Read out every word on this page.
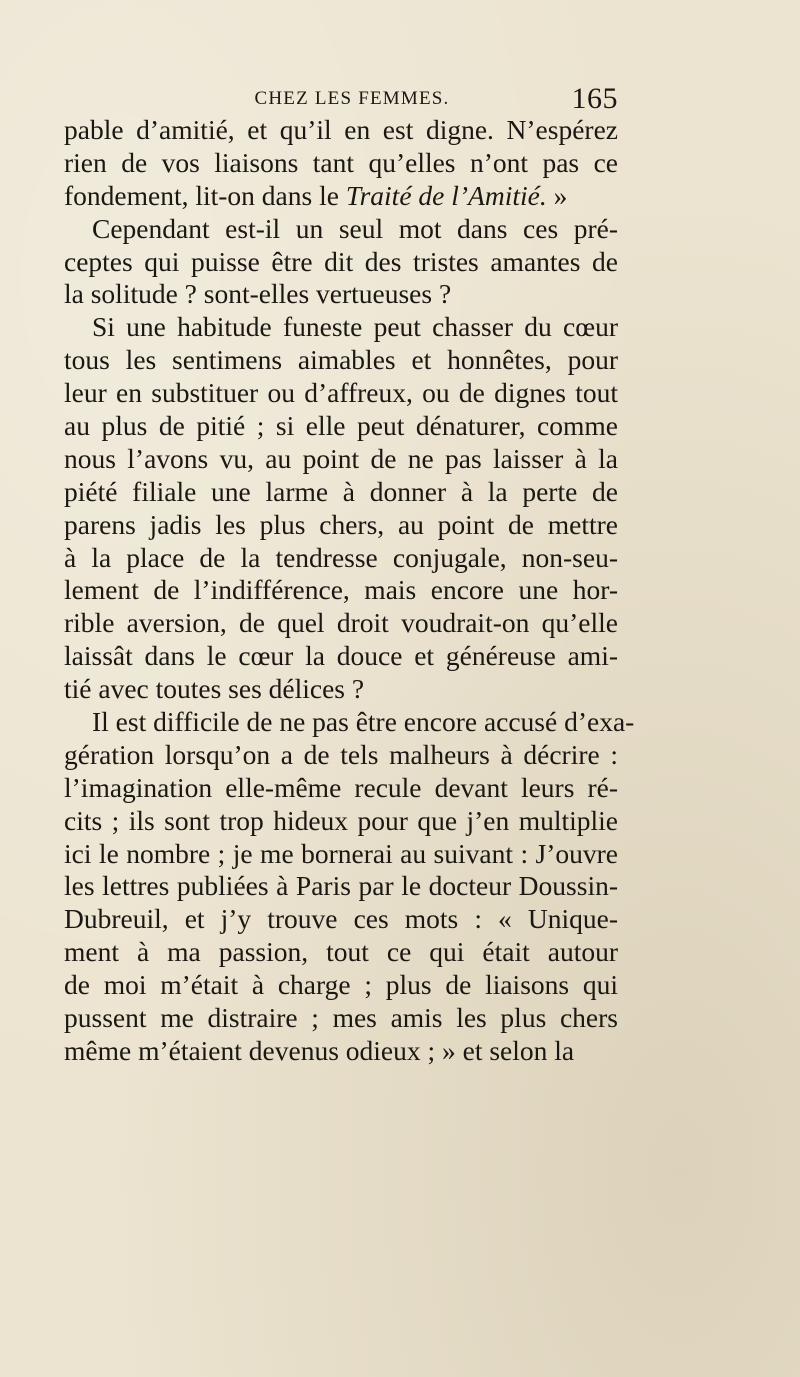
CHEZ LES FEMMES.	165
pable d’amitié, et qu’il en est digne. N’espérez
rien de vos liaisons tant qu’elles n’ont pas ce
fondement, lit-on dans le Traité de l’Amitié. »
Cependant est-il un seul mot dans ces pré-
ceptes qui puisse être dit des tristes amantes de
la solitude ? sont-elles vertueuses ?
Si une habitude funeste peut chasser du cœur
tous les sentimens aimables et honnêtes, pour
leur en substituer ou d’affreux, ou de dignes tout
au plus de pitié ; si elle peut dénaturer, comme
nous l’avons vu, au point de ne pas laisser à la
piété filiale une larme à donner à la perte de
parens jadis les plus chers, au point de mettre
à la place de la tendresse conjugale, non-seu-
lement de l’indifférence, mais encore une hor-
rible aversion, de quel droit voudrait-on qu’elle
laissât dans le cœur la douce et généreuse ami-
tié avec toutes ses délices ?
Il est difficile de ne pas être encore accusé d’exa-
gération lorsqu’on a de tels malheurs à décrire :
l’imagination elle-même recule devant leurs ré-
cits ; ils sont trop hideux pour que j’en multiplie
ici le nombre ; je me bornerai au suivant : J’ouvre
les lettres publiées à Paris par le docteur Doussin-
Dubreuil, et j’y trouve ces mots : « Unique-
ment à ma passion, tout ce qui était autour
de moi m’était à charge ; plus de liaisons qui
pussent me distraire ; mes amis les plus chers
même m’étaient devenus odieux ; » et selon la
